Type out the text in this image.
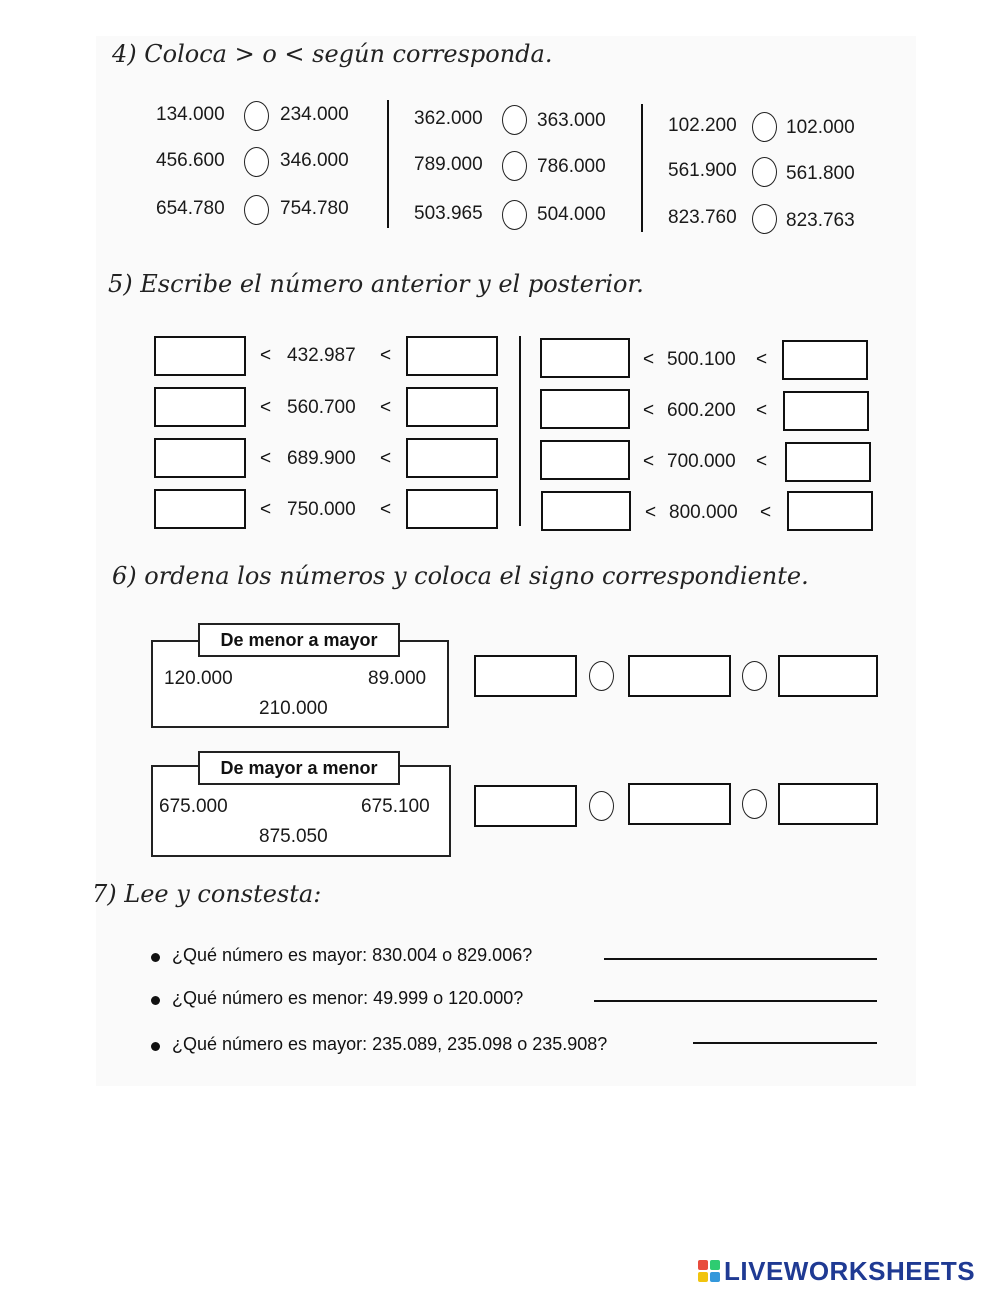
4) Coloca > o < según corresponda.
134.000	234.000
456.600	346.000
654.780	754.780
362.000	363.000
789.000	786.000
503.965	504.000
102.200	102.000
561.900	561.800
823.760	823.763
5) Escribe el número anterior y el posterior.
< 432.987 <
< 560.700 <
< 689.900 <
< 750.000 <
< 500.100 <
< 600.200 <
< 700.000 <
< 800.000 <
6) ordena los números y coloca el signo correspondiente.
De menor a mayor
120.000	89.000
210.000
De mayor a menor
675.000	675.100
875.050
7) Lee y constesta:
¿Qué número es mayor: 830.004 o 829.006?
¿Qué número es menor: 49.999 o 120.000?
¿Qué número es mayor: 235.089, 235.098 o 235.908?
LIVEWORKSHEETS
